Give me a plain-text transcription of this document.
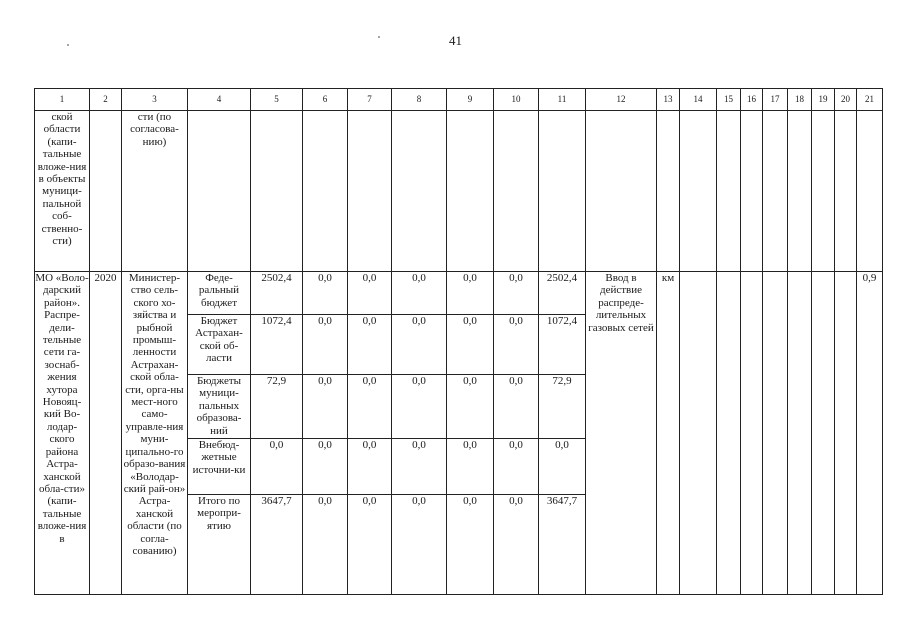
41
1	2	3	4	5	6	7	8	9	10	11	12	13	14	15	16	17	18	19	20	21
ской области (капи-тальные вложе-ния в объекты муници-пальной соб-ственно-сти)		сти (по согласова-нию)																		
МО «Воло-дарский район». Распре-дели-тельные сети га-зоснаб-жения хутора Новояц-кий Во-лодар-ского района Астра-ханской обла-сти» (капи-тальные вложе-ния в	2020	Министер-ство сель-ского хо-зяйства и рыбной промыш-ленности Астрахан-ской обла-сти, орга-ны мест-ного само-управле-ния муни-ципально-го образо-вания «Володар-ский рай-он» Астра-ханской области (по согла-сованию)	Феде-ральный бюджет	2502,4	0,0	0,0	0,0	0,0	0,0	2502,4	Ввод в действие распреде-лительных газовых сетей	км								0,9
			Бюджет Астрахан-ской об-ласти	1072,4	0,0	0,0	0,0	0,0	0,0	1072,4										
			Бюджеты муници-пальных образова-ний	72,9	0,0	0,0	0,0	0,0	0,0	72,9										
			Внебюд-жетные источни-ки	0,0	0,0	0,0	0,0	0,0	0,0	0,0										
			Итого по меропри-ятию	3647,7	0,0	0,0	0,0	0,0	0,0	3647,7										
